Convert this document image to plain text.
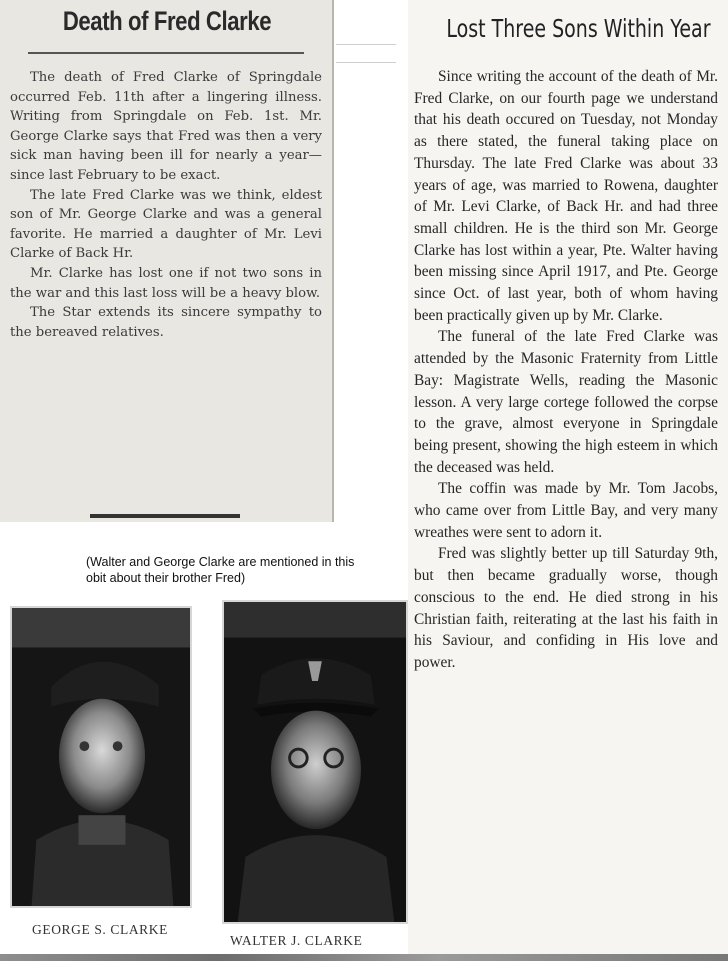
Death of Fred Clarke

The death of Fred Clarke of Springdale occurred Feb. 11th after a lingering illness. Writing from Springdale on Feb. 1st. Mr. George Clarke says that Fred was then a very sick man having been ill for nearly a year—since last February to be exact.

The late Fred Clarke was we think, eldest son of Mr. George Clarke and was a general favorite. He married a daughter of Mr. Levi Clarke of Back Hr.

Mr. Clarke has lost one if not two sons in the war and this last loss will be a heavy blow.

The Star extends its sincere sympathy to the bereaved relatives.

Lost Three Sons Within Year

Since writing the account of the death of Mr. Fred Clarke, on our fourth page we understand that his death occured on Tuesday, not Monday as there stated, the funeral taking place on Thursday. The late Fred Clarke was about 33 years of age, was married to Rowena, daughter of Mr. Levi Clarke, of Back Hr. and had three small children. He is the third son Mr. George Clarke has lost within a year, Pte. Walter having been missing since April 1917, and Pte. George since Oct. of last year, both of whom having been practically given up by Mr. Clarke.

The funeral of the late Fred Clarke was attended by the Masonic Fraternity from Little Bay: Magistrate Wells, reading the Masonic lesson. A very large cortege followed the corpse to the grave, almost everyone in Springdale being present, showing the high esteem in which the deceased was held.

The coffin was made by Mr. Tom Jacobs, who came over from Little Bay, and very many wreathes were sent to adorn it.

Fred was slightly better up till Saturday 9th, but then became gradually worse, though conscious to the end. He died strong in his Christian faith, reiterating at the last his faith in his Saviour, and confiding in His love and power.

(Walter and George Clarke are mentioned in this obit about their brother Fred)
GEORGE S. CLARKE
WALTER J. CLARKE
